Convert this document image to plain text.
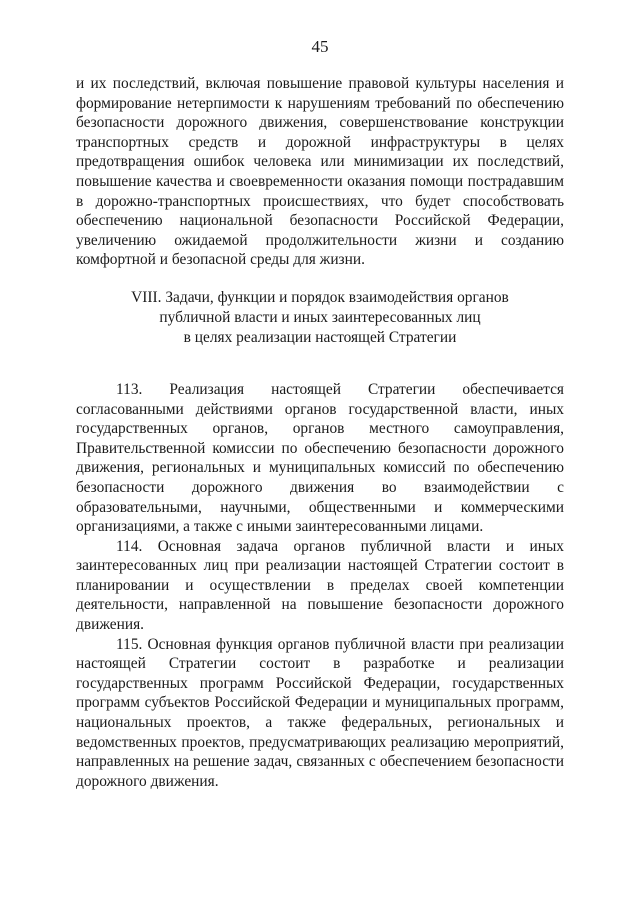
45

и их последствий, включая повышение правовой культуры населения и формирование нетерпимости к нарушениям требований по обеспечению безопасности дорожного движения, совершенствование конструкции транспортных средств и дорожной инфраструктуры в целях предотвращения ошибок человека или минимизации их последствий, повышение качества и своевременности оказания помощи пострадавшим в дорожно-транспортных происшествиях, что будет способствовать обеспечению национальной безопасности Российской Федерации, увеличению ожидаемой продолжительности жизни и созданию комфортной и безопасной среды для жизни.

VIII. Задачи, функции и порядок взаимодействия органов

публичной власти и иных заинтересованных лиц

в целях реализации настоящей Стратегии

113. Реализация настоящей Стратегии обеспечивается согласованными действиями органов государственной власти, иных государственных органов, органов местного самоуправления, Правительственной комиссии по обеспечению безопасности дорожного движения, региональных и муниципальных комиссий по обеспечению безопасности дорожного движения во взаимодействии с образовательными, научными, общественными и коммерческими организациями, а также с иными заинтересованными лицами.

114. Основная задача органов публичной власти и иных заинтересованных лиц при реализации настоящей Стратегии состоит в планировании и осуществлении в пределах своей компетенции деятельности, направленной на повышение безопасности дорожного движения.

115. Основная функция органов публичной власти при реализации настоящей Стратегии состоит в разработке и реализации государственных программ Российской Федерации, государственных программ субъектов Российской Федерации и муниципальных программ, национальных проектов, а также федеральных, региональных и ведомственных проектов, предусматривающих реализацию мероприятий, направленных на решение задач, связанных с обеспечением безопасности дорожного движения.
